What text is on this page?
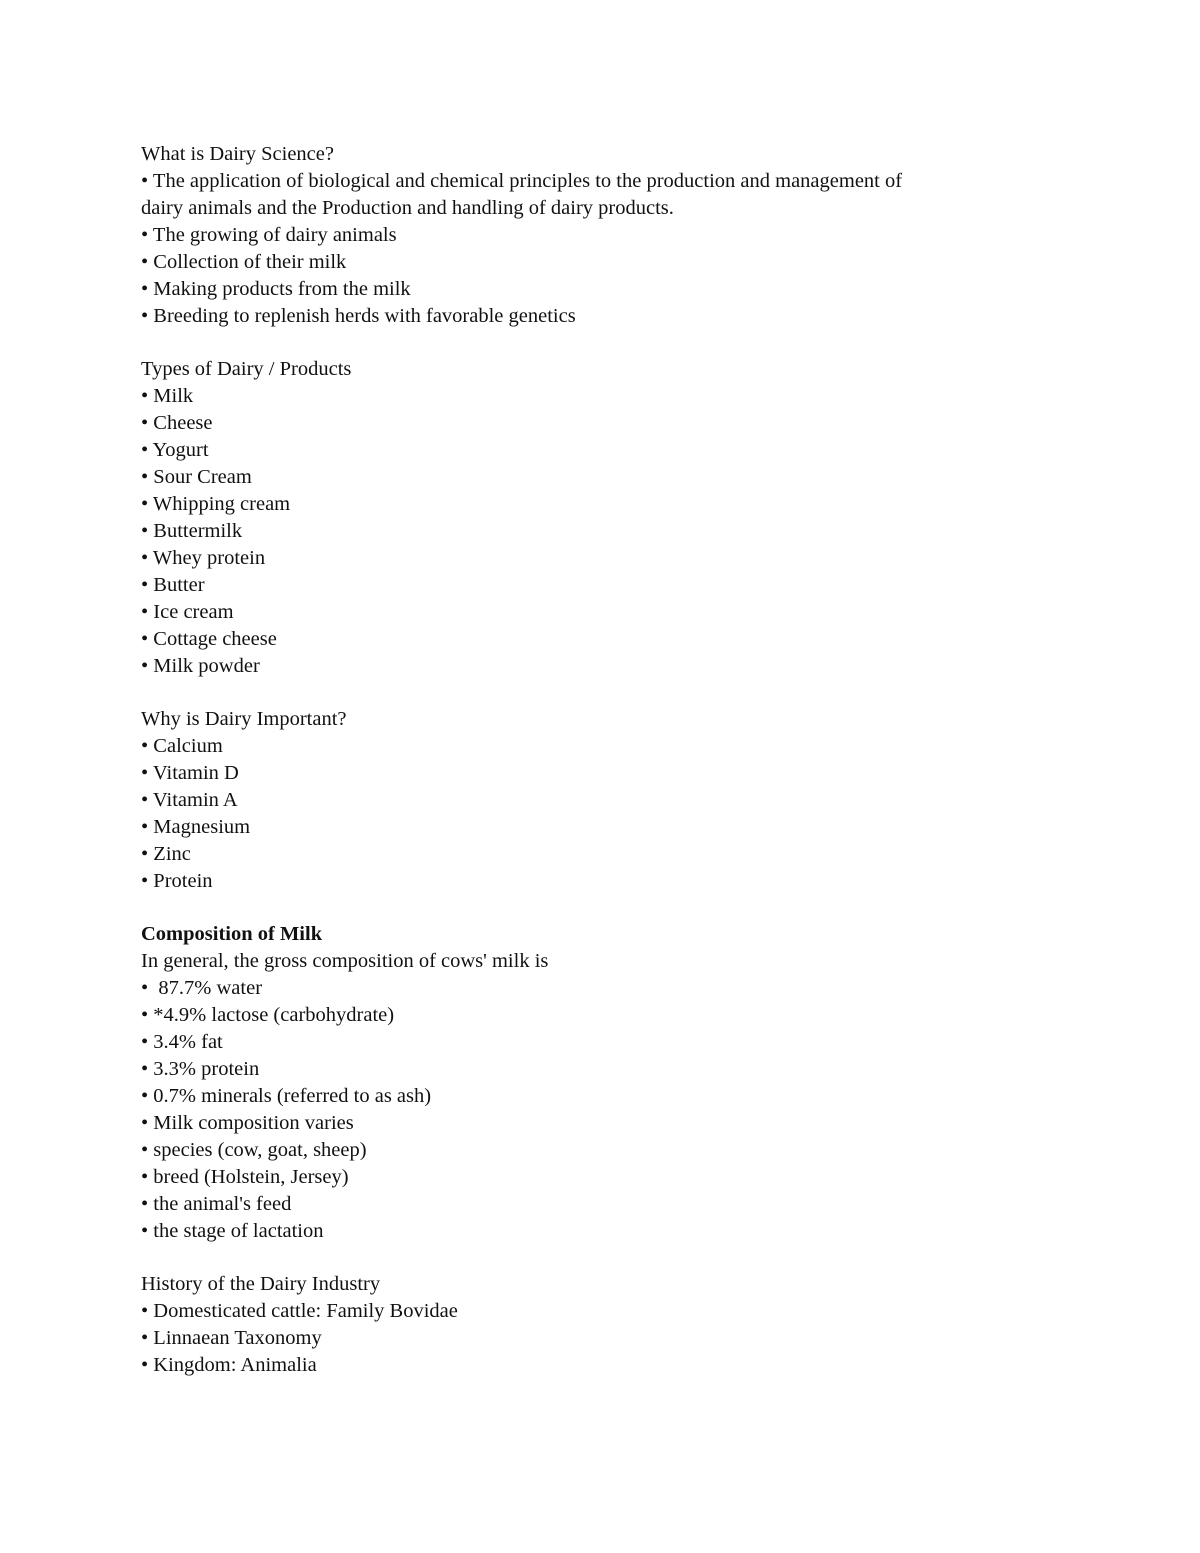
What is Dairy Science?

• The application of biological and chemical principles to the production and management of

dairy animals and the Production and handling of dairy products.

• The growing of dairy animals

• Collection of their milk

• Making products from the milk

• Breeding to replenish herds with favorable genetics

Types of Dairy / Products

• Milk

• Cheese

• Yogurt

• Sour Cream

• Whipping cream

• Buttermilk

• Whey protein

• Butter

• Ice cream

• Cottage cheese

• Milk powder

Why is Dairy Important?

• Calcium

• Vitamin D

• Vitamin A

• Magnesium

• Zinc

• Protein

Composition of Milk

In general, the gross composition of cows' milk is

•  87.7% water

• *4.9% lactose (carbohydrate)

• 3.4% fat

• 3.3% protein

• 0.7% minerals (referred to as ash)

• Milk composition varies

• species (cow, goat, sheep)

• breed (Holstein, Jersey)

• the animal's feed

• the stage of lactation

History of the Dairy Industry

• Domesticated cattle: Family Bovidae

• Linnaean Taxonomy

• Kingdom: Animalia
